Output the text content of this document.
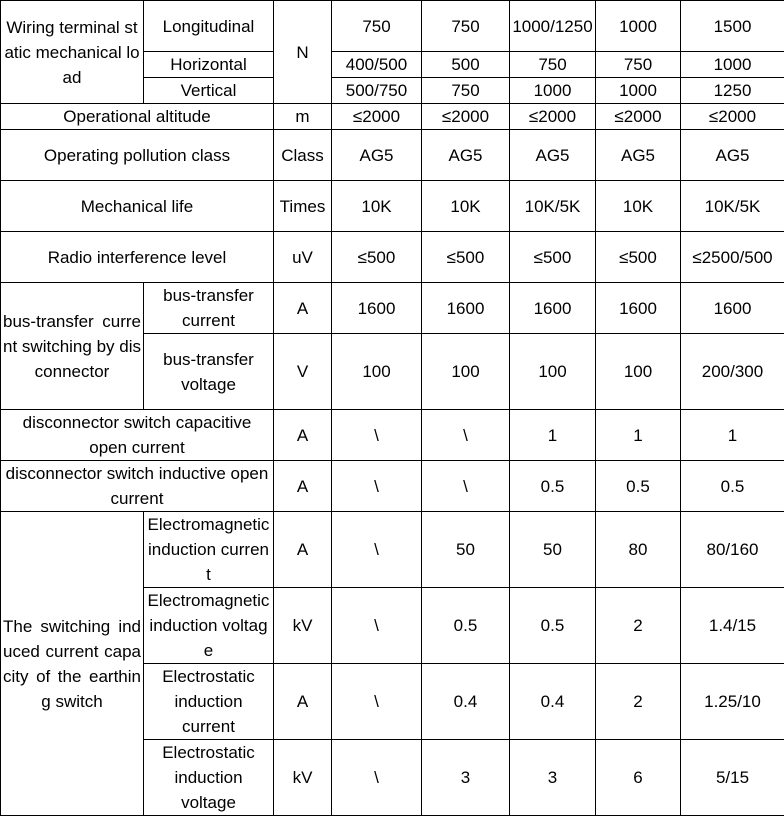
Wiring terminal static mechanical load	Longitudinal	N	750	750	1000/1250	1000	1500
	Horizontal		400/500	500	750	750	1000
	Vertical		500/750	750	1000	1000	1250
Operational altitude		m	≤2000	≤2000	≤2000	≤2000	≤2000
Operating pollution class		Class	AG5	AG5	AG5	AG5	AG5
Mechanical life		Times	10K	10K	10K/5K	10K	10K/5K
Radio interference level		uV	≤500	≤500	≤500	≤500	≤2500/500
bus-transfer current switching by disconnector	bus-transfer current	A	1600	1600	1600	1600	1600
	bus-transfer voltage	V	100	100	100	100	200/300
disconnector switch capacitive open current		A	\	\	1	1	1
disconnector switch inductive open current		A	\	\	0.5	0.5	0.5
The switching induced current capacity of the earthing switch	Electromagnetic induction current	A	\	50	50	80	80/160
	Electromagnetic induction voltage	kV	\	0.5	0.5	2	1.4/15
	Electrostatic induction current	A	\	0.4	0.4	2	1.25/10
	Electrostatic induction voltage	kV	\	3	3	6	5/15
